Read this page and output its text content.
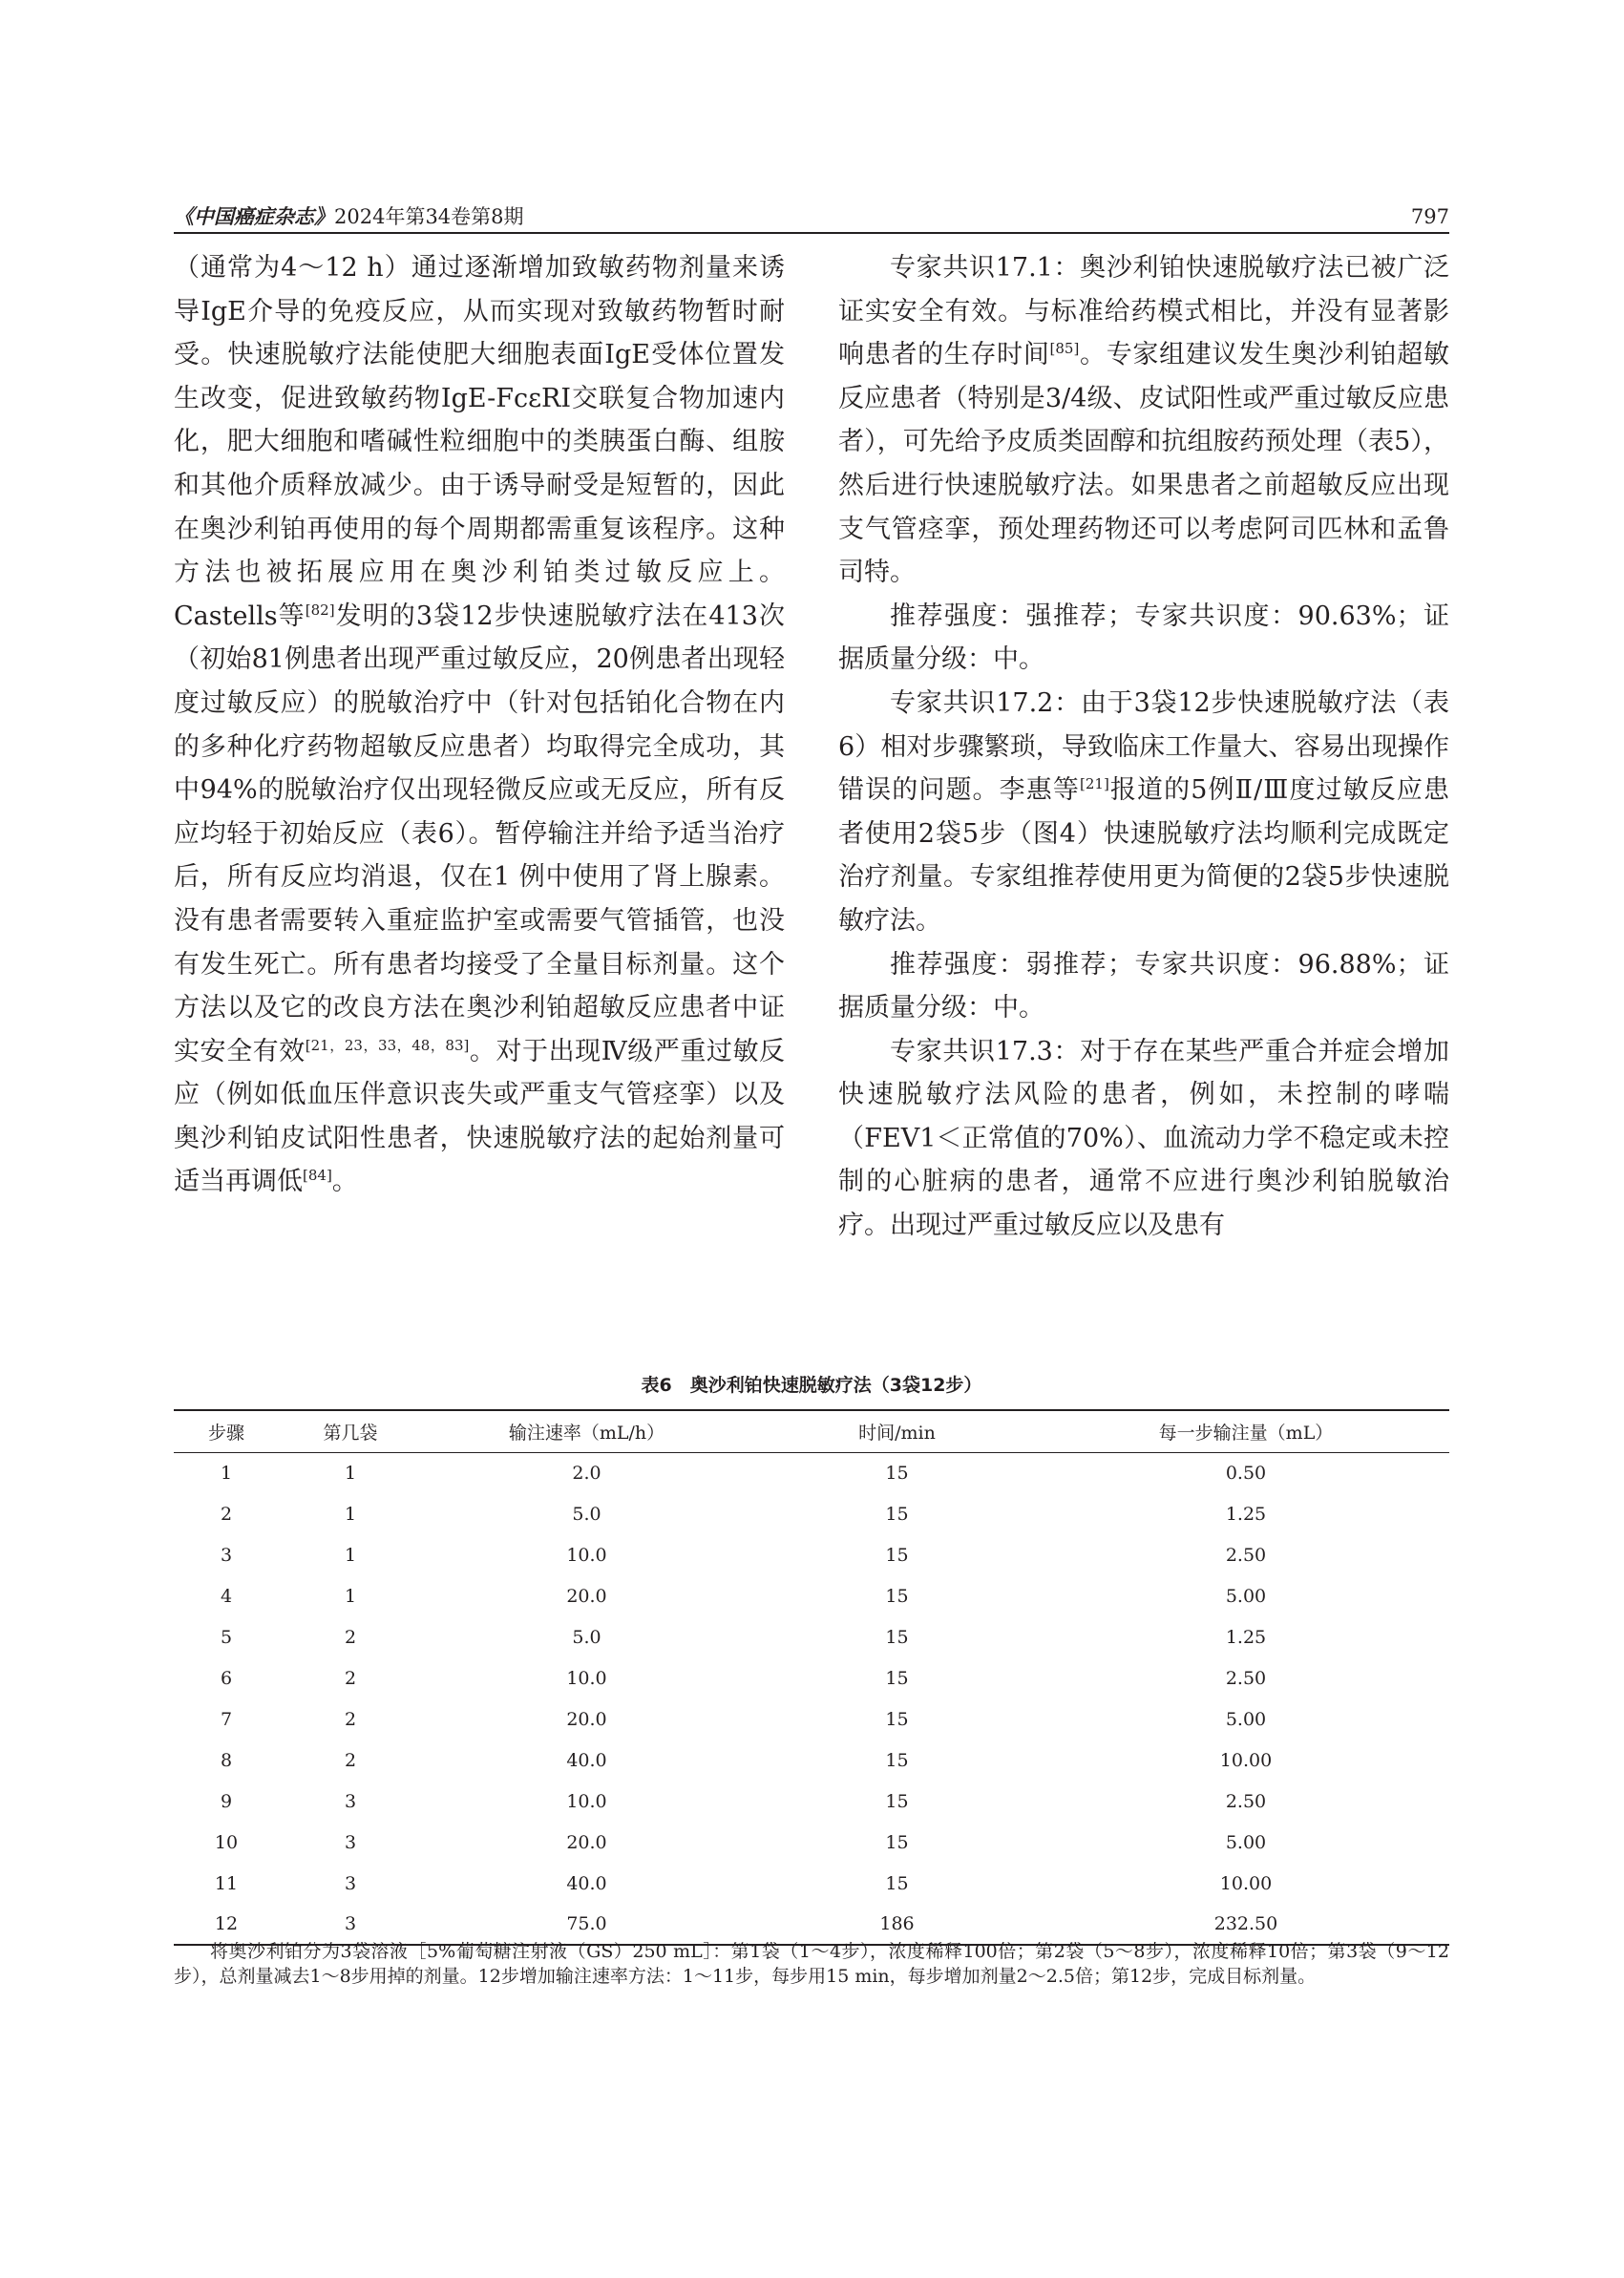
《中国癌症杂志》2024年第34卷第8期	797

（通常为4～12 h）通过逐渐增加致敏药物剂量来诱导IgE介导的免疫反应，从而实现对致敏药物暂时耐受。快速脱敏疗法能使肥大细胞表面IgE受体位置发生改变，促进致敏药物IgE-FcεRI交联复合物加速内化，肥大细胞和嗜碱性粒细胞中的类胰蛋白酶、组胺和其他介质释放减少。由于诱导耐受是短暂的，因此在奥沙利铂再使用的每个周期都需重复该程序。这种方法也被拓展应用在奥沙利铂类过敏反应上。Castells等[82]发明的3袋12步快速脱敏疗法在413次（初始81例患者出现严重过敏反应，20例患者出现轻度过敏反应）的脱敏治疗中（针对包括铂化合物在内的多种化疗药物超敏反应患者）均取得完全成功，其中94%的脱敏治疗仅出现轻微反应或无反应，所有反应均轻于初始反应（表6）。暂停输注并给予适当治疗后，所有反应均消退，仅在1 例中使用了肾上腺素。没有患者需要转入重症监护室或需要气管插管，也没有发生死亡。所有患者均接受了全量目标剂量。这个方法以及它的改良方法在奥沙利铂超敏反应患者中证实安全有效[21，23，33，48，83]。对于出现Ⅳ级严重过敏反应（例如低血压伴意识丧失或严重支气管痉挛）以及奥沙利铂皮试阳性患者，快速脱敏疗法的起始剂量可适当再调低[84]。

专家共识17.1：奥沙利铂快速脱敏疗法已被广泛证实安全有效。与标准给药模式相比，并没有显著影响患者的生存时间[85]。专家组建议发生奥沙利铂超敏反应患者（特别是3/4级、皮试阳性或严重过敏反应患者），可先给予皮质类固醇和抗组胺药预处理（表5），然后进行快速脱敏疗法。如果患者之前超敏反应出现支气管痉挛，预处理药物还可以考虑阿司匹林和孟鲁司特。

推荐强度：强推荐；专家共识度：90.63%；证据质量分级：中。

专家共识17.2：由于3袋12步快速脱敏疗法（表6）相对步骤繁琐，导致临床工作量大、容易出现操作错误的问题。李惠等[21]报道的5例Ⅱ/Ⅲ度过敏反应患者使用2袋5步（图4）快速脱敏疗法均顺利完成既定治疗剂量。专家组推荐使用更为简便的2袋5步快速脱敏疗法。

推荐强度：弱推荐；专家共识度：96.88%；证据质量分级：中。

专家共识17.3：对于存在某些严重合并症会增加快速脱敏疗法风险的患者，例如，未控制的哮喘（FEV1＜正常值的70%）、血流动力学不稳定或未控制的心脏病的患者，通常不应进行奥沙利铂脱敏治疗。出现过严重过敏反应以及患有

表6　奥沙利铂快速脱敏疗法（3袋12步）
步骤	第几袋	输注速率（mL/h）	时间/min	每一步输注量（mL）
1	1	2.0	15	0.50
2	1	5.0	15	1.25
3	1	10.0	15	2.50
4	1	20.0	15	5.00
5	2	5.0	15	1.25
6	2	10.0	15	2.50
7	2	20.0	15	5.00
8	2	40.0	15	10.00
9	3	10.0	15	2.50
10	3	20.0	15	5.00
11	3	40.0	15	10.00
12	3	75.0	186	232.50
将奥沙利铂分为3袋溶液［5%葡萄糖注射液（GS）250 mL］：第1袋（1～4步），浓度稀释100倍；第2袋（5～8步），浓度稀释10倍；第3袋（9～12步），总剂量减去1～8步用掉的剂量。12步增加输注速率方法：1～11步，每步用15 min，每步增加剂量2～2.5倍；第12步，完成目标剂量。
